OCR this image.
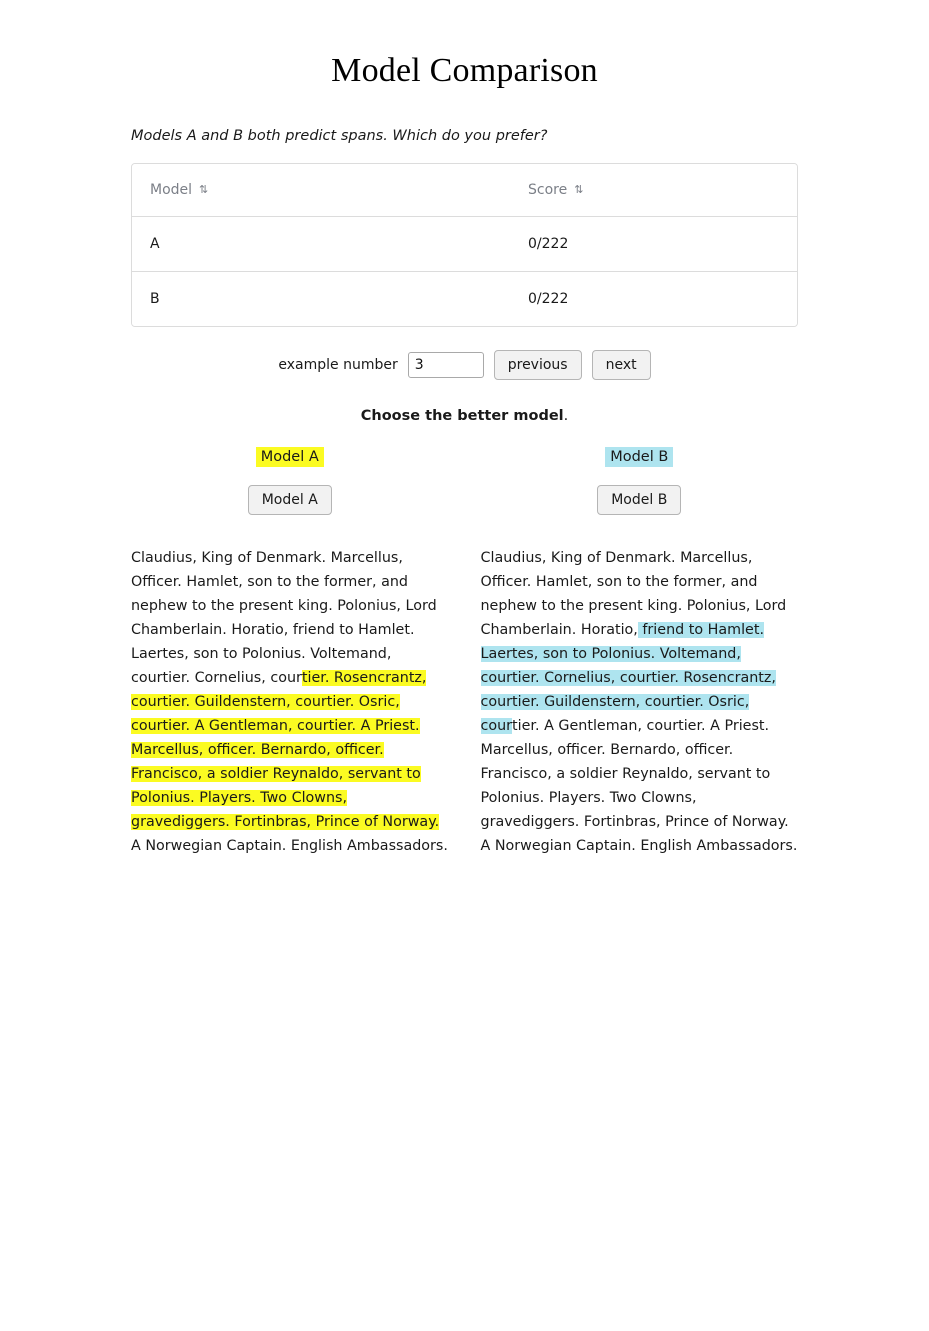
Model Comparison

Models A and B both predict spans. Which do you prefer?

Model ⇅	Score ⇅
A	0/222
B	0/222
example number
3	previous	next
Choose the better model.
Model A
Model A
Claudius, King of Denmark. Marcellus, Officer. Hamlet, son to the former, and nephew to the present king. Polonius, Lord Chamberlain. Horatio, friend to Hamlet. Laertes, son to Polonius. Voltemand, courtier. Cornelius, courtier. Rosencrantz, courtier. Guildenstern, courtier. Osric, courtier. A Gentleman, courtier. A Priest. Marcellus, officer. Bernardo, officer. Francisco, a soldier Reynaldo, servant to Polonius. Players. Two Clowns, gravediggers. Fortinbras, Prince of Norway. A Norwegian Captain. English Ambassadors.
Model B
Model B
Claudius, King of Denmark. Marcellus, Officer. Hamlet, son to the former, and nephew to the present king. Polonius, Lord Chamberlain. Horatio, friend to Hamlet. Laertes, son to Polonius. Voltemand, courtier. Cornelius, courtier. Rosencrantz, courtier. Guildenstern, courtier. Osric, courtier. A Gentleman, courtier. A Priest. Marcellus, officer. Bernardo, officer. Francisco, a soldier Reynaldo, servant to Polonius. Players. Two Clowns, gravediggers. Fortinbras, Prince of Norway. A Norwegian Captain. English Ambassadors.
